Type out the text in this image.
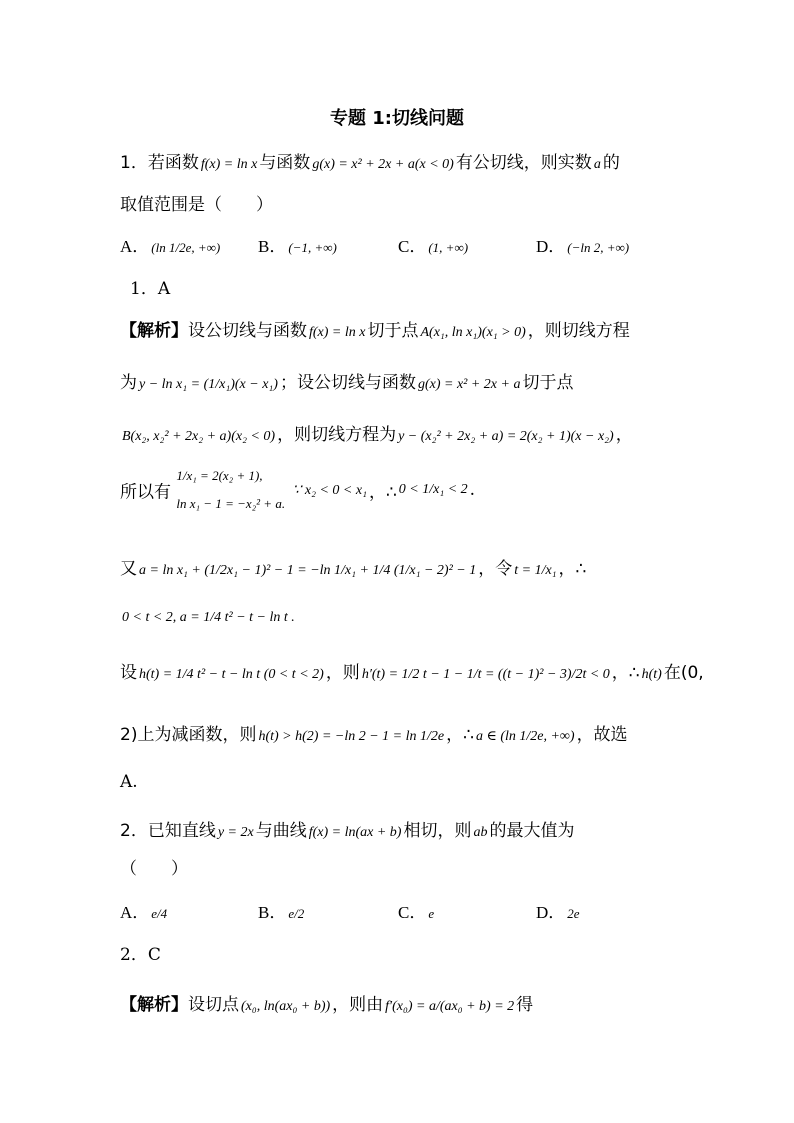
专题 1:切线问题
1．若函数 f(x) = ln x 与函数 g(x) = x² + 2x + a(x < 0) 有公切线，则实数 a 的
取值范围是（　　）
A． (ln 1/2e, +∞) B． (−1, +∞)	C． (1, +∞)	D． (−ln 2, +∞)
1．A
【解析】设公切线与函数 f(x) = ln x 切于点 A(x₁, ln x₁)(x₁ > 0) ，则切线方程
为 y − ln x₁ = (1/x₁)(x − x₁) ；设公切线与函数 g(x) = x² + 2x + a 切于点
B(x₂, x₂² + 2x₂ + a)(x₂ < 0) ，则切线方程为 y − (x₂² + 2x₂ + a) = 2(x₂ + 1)(x − x₂) ，
所以有
1/x₁ = 2(x₂ + 1),
ln x₁ − 1 = −x₂² + a.
∵ x₂ < 0 < x₁ ，∴ 0 < 1/x₁ < 2 .
又 a = ln x₁ + (1/2x₁ − 1)² − 1 = −ln 1/x₁ + 1/4 (1/x₁ − 2)² − 1 ，令 t = 1/x₁ ，∴
0 < t < 2, a = 1/4 t² − t − ln t .
设 h(t) = 1/4 t² − t − ln t (0 < t < 2) ，则 h′(t) = 1/2 t − 1 − 1/t = ((t − 1)² − 3)/2t < 0 ，∴ h(t) 在(0,
2)上为减函数，则 h(t) > h(2) = −ln 2 − 1 = ln 1/2e ，∴ a ∈ (ln 1/2e, +∞) ，故选
A.
2．已知直线 y = 2x 与曲线 f(x) = ln(ax + b) 相切，则 ab 的最大值为
（　　）
A． e/4	B． e/2	C． e	D． 2e
2．C
【解析】设切点 (x₀, ln(ax₀ + b)) ，则由 f′(x₀) = a/(ax₀ + b) = 2 得
